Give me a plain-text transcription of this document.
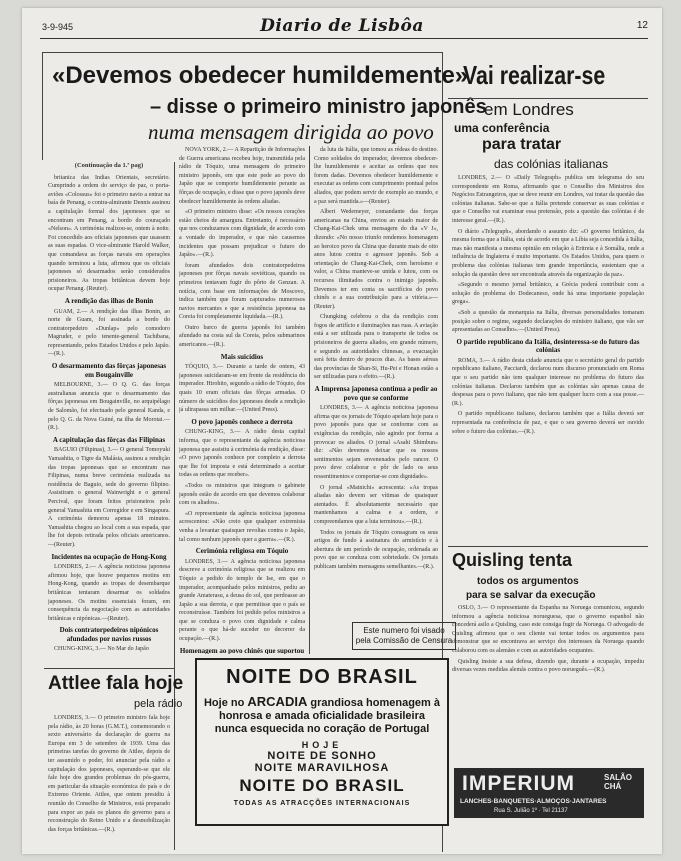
3-9-945	Diario de Lisbôa	12
«Devemos obedecer humildemente»
– disse o primeiro ministro japonês
numa mensagem dirigida ao povo

(Continuação da 1.ª pag)

britanica das Indias Orientais, secretário. Cumprindo a ordem do serviço de paz, o porta-aviões «Colossus» foi o primeiro navio a entrar na baía de Penang, o contra-almirante Dennis assinou a capitulação formal dos japoneses que se encontram em Penang, a bordo do couraçado «Nelson». A cerimónia realizou-se, ontem à noite. Foi concedido aos oficiais japoneses que usassem as suas espadas. O vice-almirante Harold Walker, que comandava as forças navais em operações quando terminou a luta, afirmou que os oficiais japoneses só desarmados serão considerados prisioneiros. As tropas britânicas devem hoje ocupar Penang. (Reuter).

A rendição das ilhas de Bonin

GUAM, 2.— A rendição das ilhas Bonin, ao norte de Guam, foi assinada a bordo do contratorpedeiro «Dunlap» pelo comodoro Magruder, e pelo tenente-general Tachibana, representando, pelos Estados Unidos e pelo Japão.—(R.).

O desarmamento das fôrças japonesas em Bougainville

MELBOURNE, 3.— O Q. G. das forças australianas anuncia que o desarmamento das fôrças japonesas em Bougainville, no arquipélago de Salomão, foi efectuado pelo general Kanda, e pelo Q. G. da Nova Guiné, na ilha de Morotai.—(R.).

A capitulação das fôrças das Filipinas

BAGUIO (Filipinas), 3.— O general Tomoyuki Yamashita, o Tigre da Malásia, assinou a rendição das tropas japonesas que se encontram nas Filipinas, numa breve cerimónia realizada na residência de Baguio, sede do governo filipino. Assistiram o general Wainwright e o general Percival, que foram feitos prisioneiros pelo general Yamashita em Corregidor e em Singapura. A cerimónia demorou apenas 18 minutos. Yamashita chegou ao local com a sua espada, que lhe foi depois retirada pelos oficiais americanos. —(Reuter).

Incidentes na ocupação de Hong-Kong

LONDRES, 2.— A agência noticiosa japonesa afirmou hoje, que houve pequenos motins em Hong-Kong, quando as tropas de desembarque britânicas tentaram desarmar os soldados japoneses. Os motins essenciais foram, em consequência da negociação com as autoridades britânicas e nipónicas.—(Reuter).

Dois contratorpedeiros nipónicos afundados por navios russos

CHUNG-KING, 3.— No Mar do Japão

NOVA YORK, 2.— A Repartição de Informações de Guerra americana recebeu hoje, transmitida pela rádio de Tóquio, uma mensagem do primeiro ministro japonês, em que este pede ao povo do Japão que se comporte humildemente perante as fôrças de ocupação, e disse que o povo japonês deve obedecer humildemente às ordens aliadas.

«O primeiro ministro disse: «Os nossos corações estão cheios de amargura. Entretanto, é necessário que nos conduzamos com dignidade, de acordo com a vontade do imperador, e que não causemos incidentes que possam prejudicar o futuro do Japão».—(R.).

foram afundados dois contratorpedeiros japoneses por fôrças navais soviéticas, quando os primeiros tentavam fugir do pôrto de Genzan. A notícia, com base em informações de Moscovo, indica também que foram capturados numerosos navios mercantes e que a resistência japonesa na Coreia foi completamente liquidada.—(R.).

Outro barco de guerra japonês foi também afundado na costa sul da Coreia, pelos submarinos americanos.—(R.).

Mais suicídios

TÓQUIO, 3.— Durante a tarde de ontem, 43 japoneses suicidaram-se em frente da residência do imperador. Hirohito, segundo a rádio de Tóquio, dos quais 10 eram oficiais das fôrças armadas. O número de suicídios dos japoneses desde a rendição já ultrapassa um milhar.—(United Press).

O povo japonês conhece a derrota

CHUNG-KING, 3.— A rádio desta capital informa, que o representante da agência noticiosa japonesa que assistiu à cerimónia da rendição, disse: «O povo japonês conhece por completo a derrota que lhe foi imposta e está determinado a aceitar todas as ordens que receber».

«Todos os ministros que integram o gabinete japonês estão de acordo em que devemos colaborar com os aliados».

«O representante da agência noticiosa japonesa acrescentou: «Não creio que qualquer extremista venha a levantar quaisquer revoltas contra o Japão, tal como nenhum japonês quer a guerra».—(R.).

Cerimónia religiosa em Tóquio

LONDRES, 3.— A agência noticiosa japonesa descreve a cerimónia religiosa que se realizou em Tóquio a pedido do templo de Ise, em que o imperador, acompanhado pelos ministros, pediu ao grande Amaterasu, a deusa do sol, que perdoasse ao Japão a sua derrota, e que permitisse que o país se reconstruísse. Também foi pedido pelos ministros a que se conduza o povo com dignidade e calma perante o que há-de suceder no decorrer da ocupação.—(R.).

Homenagem ao povo chinês que suportou

da luta da Itália, que tomou as rédeas do destino. Como soldados do imperador, devemos obedecer-lhe humildemente e aceitar as ordens que nos forem dadas. Devemos obedecer humildemente e executar as ordens com cumprimento pontual pelos aliados, que podem servir de exemplo ao mundo, e a paz será mantida.»—(Reuter).

Albert Wedemeyer, comandante das forças americanas na China, enviou ao estado maior de Chang-Kai-Chek uma mensagem do dia «V J», dizendo: «No nosso triunfo rendemos homenagem ao heroico povo da China que durante mais de oito anos lutou contra o agressor japonês. Sob a orientação de Chang-Kai-Chek, com heroísmo e valor, a China manteve-se unida e lutou, com os recursos ilimitados contra o inimigo japonês. Devemos ter em conta os sacrifícios do povo chinês e a sua contribuição para a vitória.»—(Reuter).

Chungking celebrou o dia da rendição com fogos de artifício e iluminações nas ruas. A aviação está a ser utilizada para o transporte de todos os prisioneiros de guerra aliados, em grande número, e segundo as autoridades chinesas, a evacuação será feita dentro de poucos dias. As bases aéreas das províncias de Shan-Si, Hu-Pei e Honan estão a ser utilizadas para o efeito.—(R.).

A Imprensa japonesa continua a pedir ao povo que se conforme

LONDRES, 3.— A agência noticiosa japonesa afirma que os jornais de Tóquio apelam hoje para o povo japonês para que se conforme com as exigências da rendição, não agindo por forma a provocar os aliados. O jornal «Asahi Shimbun» diz: «Não devemos deixar que os nossos sentimentos sejam envenenados pelo rancor. O povo deve colaborar e pôr de lado os seus ressentimentos e comportar-se com dignidade».

O jornal «Mainichi» acrescenta: «As tropas aliadas não devem ser vítimas de quaisquer atentados. É absolutamente necessário que mantenhamos a calma e a ordem, e compreendamos que a luta terminou».—(R.).

Todos os jornais de Tóquio consagram os seus artigos de fundo à assinatura do armistício e à abertura de um período de ocupação, ordenada ao povo que se conduza com sobriedade. Os jornais publicam também mensagens semelhantes.—(R.).

Este numero foi visado
pela Comissão de Censura
Vai realizar-se
em Londres
uma conferência
para tratar
das colónias italianas

LONDRES, 2.— O «Daily Telegraph» publica um telegrama do seu correspondente em Roma, afirmando que o Conselho dos Ministros dos Negócios Estrangeiros, que se deve reunir em Londres, vai tratar da questão das colónias italianas. Sabe-se que a Itália pretende conservar as suas colónias e que o Conselho vai examinar essa pretensão, pois a questão das colónias é de interesse geral.—(R.).

O diário «Telegraph», abordando o assunto diz: «O governo britânico, da mesma forma que a Itália, está de acordo em que a Líbia seja concedida à Itália, mas não manifesta a mesma opinião em relação à Eritreia e à Somália, onde a influência de Inglaterra é muito importante. Os Estados Unidos, para quem o problema das colónias italianas tem grande importância, sustentam que a solução da questão deve ser encontrada através da organização da paz».

«Segundo o mesmo jornal britânico, a Grécia poderá contribuir com a solução do problema do Dodecaneso, onde há uma importante população grega».

«Sob a questão da monarquia na Itália, diversas personalidades tomaram posição sobre o regime, segundo declarações do ministro italiano, que vão ser apresentadas ao Conselho».—(United Press).

O partido republicano da Itália, desinteressa-se do futuro das colónias

ROMA, 3.— A rádio desta cidade anuncia que o secretário geral do partido republicano italiano, Pacciardi, declarou num discurso pronunciado em Roma que o seu partido não tem qualquer interesse no problema do futuro das colónias italianas. Declarou também que as colónias são apenas causa de despesas para o povo italiano, que não tem qualquer lucro com a sua posse.—(R.).

O partido republicano italiano, declarou também que a Itália deverá ser representada na conferência de paz, e que o seu governo deverá ser ouvido sobre o futuro das colónias.—(R.).

Quisling tenta
todos os argumentos
para se salvar da execução

OSLO, 3.— O representante da Espanha na Noruega comunicou, segundo informou a agência noticiosa norueguesa, que o governo espanhol não concederá asilo a Quisling, caso este consiga fugir da Noruega. O advogado de Quisling afirmou que o seu cliente vai tentar todos os argumentos para demonstrar que se encontrava ao serviço dos interesses da Noruega quando colaborou com os alemães e com as autoridades ocupantes.

Quisling insiste a sua defesa, dizendo que, durante a ocupação, impediu diversas vezes medidas alemãs contra o povo norueguês.—(R.).

Attlee fala hoje
pela rádio

LONDRES, 3.— O primeiro ministro fala hoje pela rádio, às 20 horas (G.M.T.), comemorando o sexto aniversário da declaração de guerra na Europa em 3 de setembro de 1939. Uma das primeiras tarefas do governo de Attlee, depois de ter assumido o poder, foi anunciar pela rádio a capitulação dos japoneses, esperando-se que ele fale hoje dos grandes problemas do pós-guerra, em particular da situação económica do país e do Extremo Oriente. Attlee, que ontem presidiu à reunião do Conselho de Ministros, está preparado para expor ao país os planos do governo para a reconstrução do Reino Unido e a desmobilização das forças britânicas.—(R.).

NOITE DO BRASIL
Hoje no ARCADIA grandiosa homenagem à honrosa e amada oficialidade brasileira nunca esquecida no coração de Portugal
HOJE
NOITE DE SONHO
NOITE MARAVILHOSA
NOITE DO BRASIL
TODAS AS ATRACÇÕES INTERNACIONAIS
IMPERIUM	SALÃO
CHÁ
LANCHES·BANQUETES·ALMOÇOS·JANTARES
Rua S. Julião 1º · Tel 21137
